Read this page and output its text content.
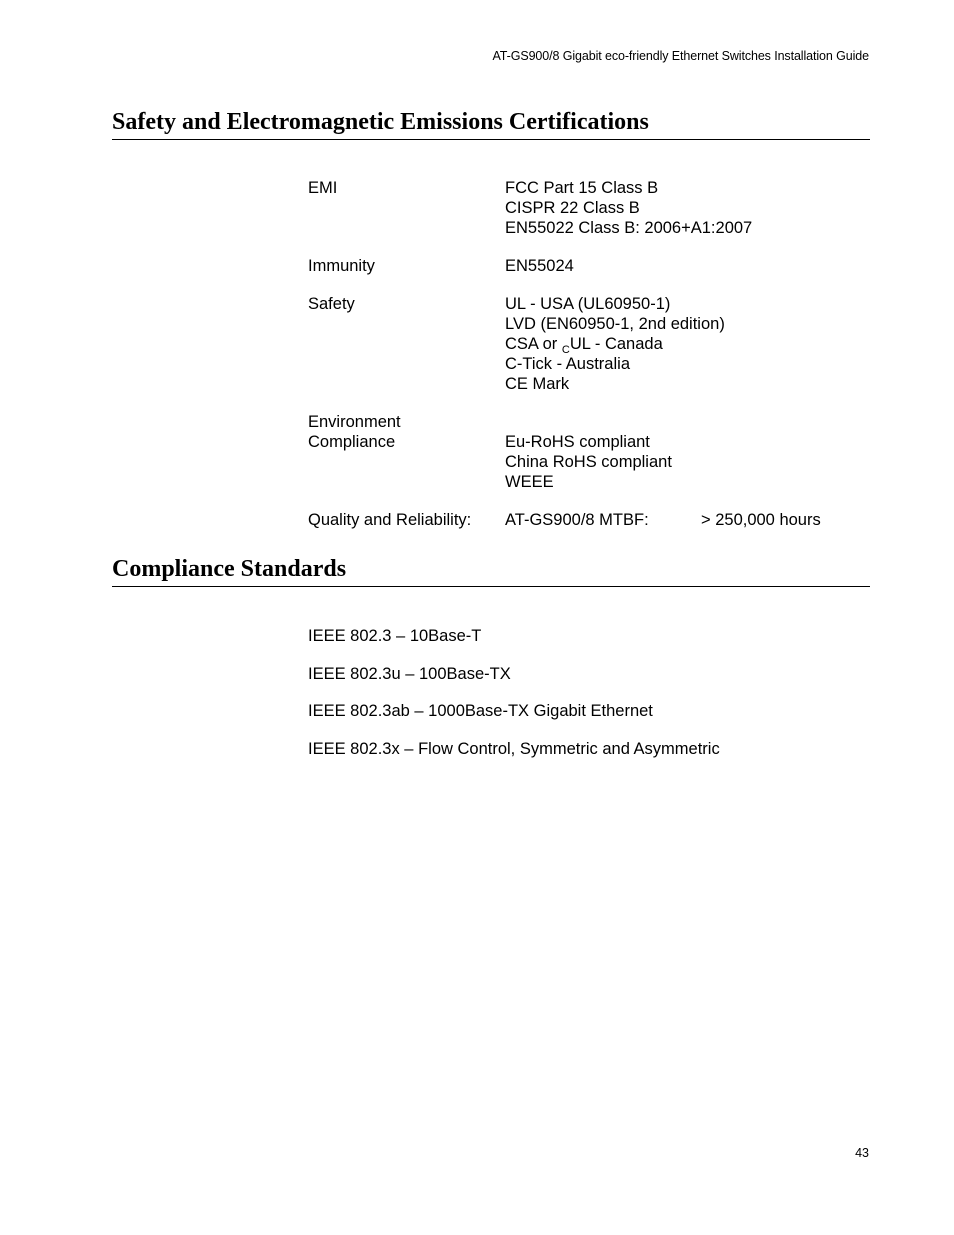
AT-GS900/8 Gigabit eco-friendly Ethernet Switches Installation Guide
Safety and Electromagnetic Emissions Certifications
EMI	FCC Part 15 Class B
CISPR 22 Class B
EN55022 Class B: 2006+A1:2007
Immunity	EN55024
Safety	UL - USA (UL60950-1)
LVD (EN60950-1, 2nd edition)
CSA or $_C$UL - Canada
C-Tick - Australia
CE Mark
Environment
Compliance	Eu-RoHS compliant
China RoHS compliant
WEEE
Quality and Reliability:	AT-GS900/8 MTBF:	> 250,000 hours
Compliance Standards
IEEE 802.3 – 10Base-T
IEEE 802.3u – 100Base-TX
IEEE 802.3ab – 1000Base-TX Gigabit Ethernet
IEEE 802.3x – Flow Control, Symmetric and Asymmetric
43
